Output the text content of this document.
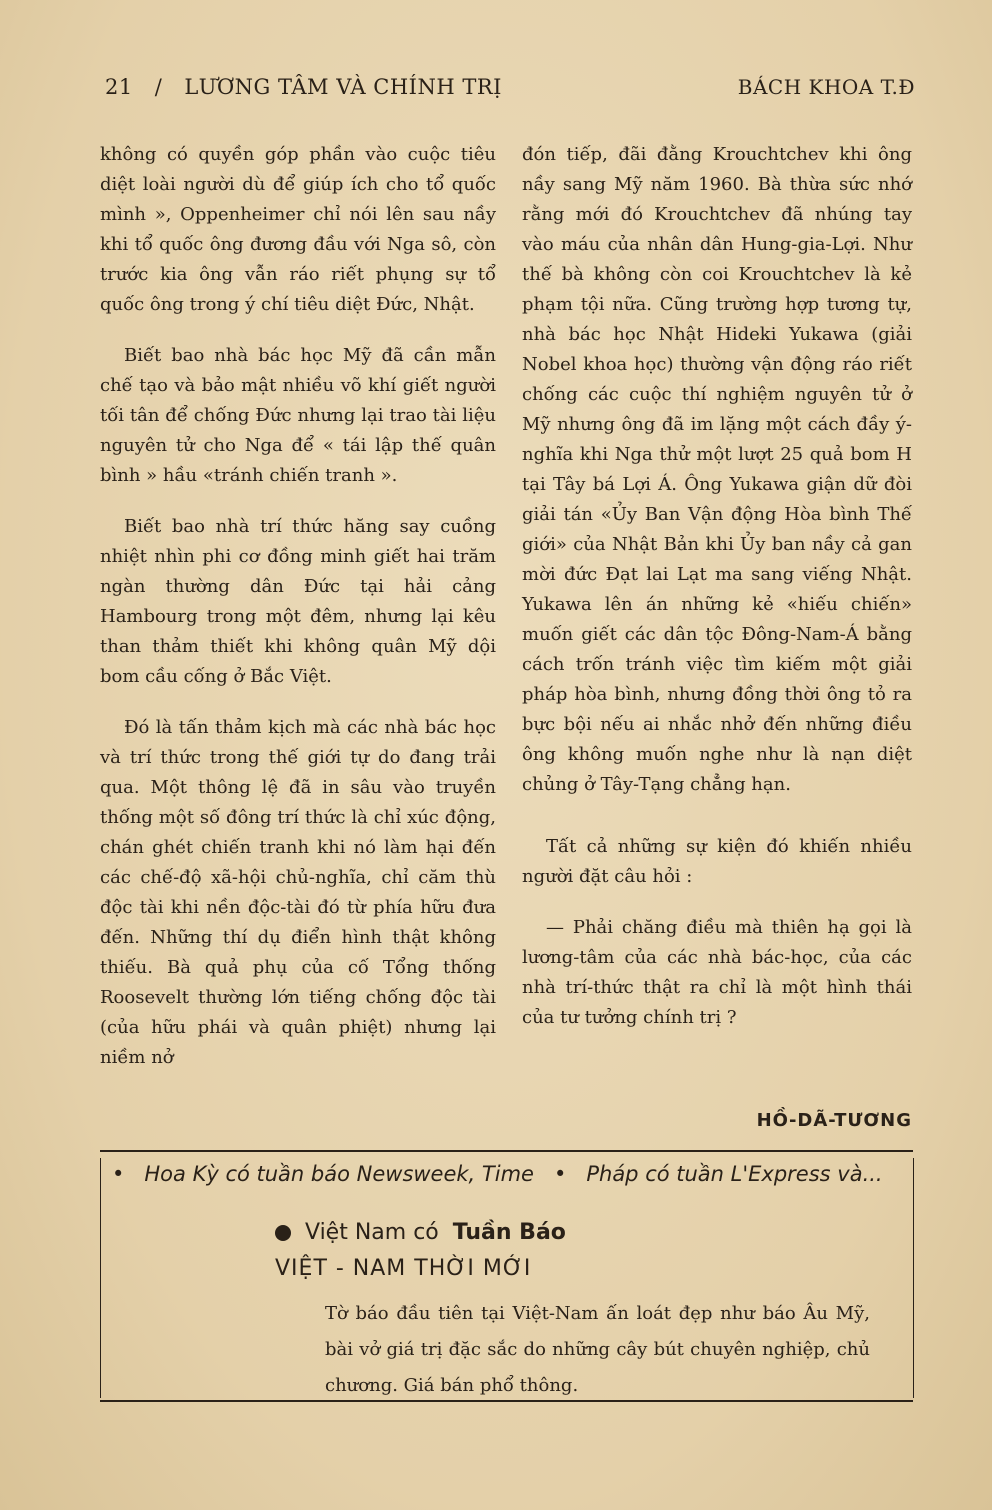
21 / LƯƠNG TÂM VÀ CHÍNH TRỊ	BÁCH KHOA T.Đ

không có quyền góp phần vào cuộc tiêu diệt loài người dù để giúp ích cho tổ quốc mình », Oppenheimer chỉ nói lên sau nầy khi tổ quốc ông đương đầu với Nga sô, còn trước kia ông vẫn ráo riết phụng sự tổ quốc ông trong ý chí tiêu diệt Đức, Nhật.

Biết bao nhà bác học Mỹ đã cần mẫn chế tạo và bảo mật nhiều võ khí giết người tối tân để chống Đức nhưng lại trao tài liệu nguyên tử cho Nga để « tái lập thế quân bình » hầu «tránh chiến tranh ».

Biết bao nhà trí thức hăng say cuồng nhiệt nhìn phi cơ đồng minh giết hai trăm ngàn thường dân Đức tại hải cảng Hambourg trong một đêm, nhưng lại kêu than thảm thiết khi không quân Mỹ dội bom cầu cống ở Bắc Việt.

Đó là tấn thảm kịch mà các nhà bác học và trí thức trong thế giới tự do đang trải qua. Một thông lệ đã in sâu vào truyền thống một số đông trí thức là chỉ xúc động, chán ghét chiến tranh khi nó làm hại đến các chế-độ xã-hội chủ-nghĩa, chỉ căm thù độc tài khi nền độc-tài đó từ phía hữu đưa đến. Những thí dụ điển hình thật không thiếu. Bà quả phụ của cố Tổng thống Roosevelt thường lớn tiếng chống độc tài (của hữu phái và quân phiệt) nhưng lại niềm nở

đón tiếp, đãi đằng Krouchtchev khi ông nầy sang Mỹ năm 1960. Bà thừa sức nhớ rằng mới đó Krouchtchev đã nhúng tay vào máu của nhân dân Hung-gia-Lợi. Như thế bà không còn coi Krouchtchev là kẻ phạm tội nữa. Cũng trường hợp tương tự, nhà bác học Nhật Hideki Yukawa (giải Nobel khoa học) thường vận động ráo riết chống các cuộc thí nghiệm nguyên tử ở Mỹ nhưng ông đã im lặng một cách đầy ý-nghĩa khi Nga thử một lượt 25 quả bom H tại Tây bá Lợi Á. Ông Yukawa giận dữ đòi giải tán «Ủy Ban Vận động Hòa bình Thế giới» của Nhật Bản khi Ủy ban nầy cả gan mời đức Đạt lai Lạt ma sang viếng Nhật. Yukawa lên án những kẻ «hiếu chiến» muốn giết các dân tộc Đông-Nam-Á bằng cách trốn tránh việc tìm kiếm một giải pháp hòa bình, nhưng đồng thời ông tỏ ra bực bội nếu ai nhắc nhở đến những điều ông không muốn nghe như là nạn diệt chủng ở Tây-Tạng chẳng hạn.

Tất cả những sự kiện đó khiến nhiều người đặt câu hỏi :

— Phải chăng điều mà thiên hạ gọi là lương-tâm của các nhà bác-học, của các nhà trí-thức thật ra chỉ là một hình thái của tư tưởng chính trị ?

HỒ-DÃ-TƯƠNG
• Hoa Kỳ có tuần báo Newsweek, Time • Pháp có tuần L'Express và...
Việt Nam có Tuần Báo
VIỆT - NAM THỜI MỚI
Tờ báo đầu tiên tại Việt-Nam ấn loát đẹp như báo Âu Mỹ, bài vở giá trị đặc sắc do những cây bút chuyên nghiệp, chủ chương. Giá bán phổ thông.
